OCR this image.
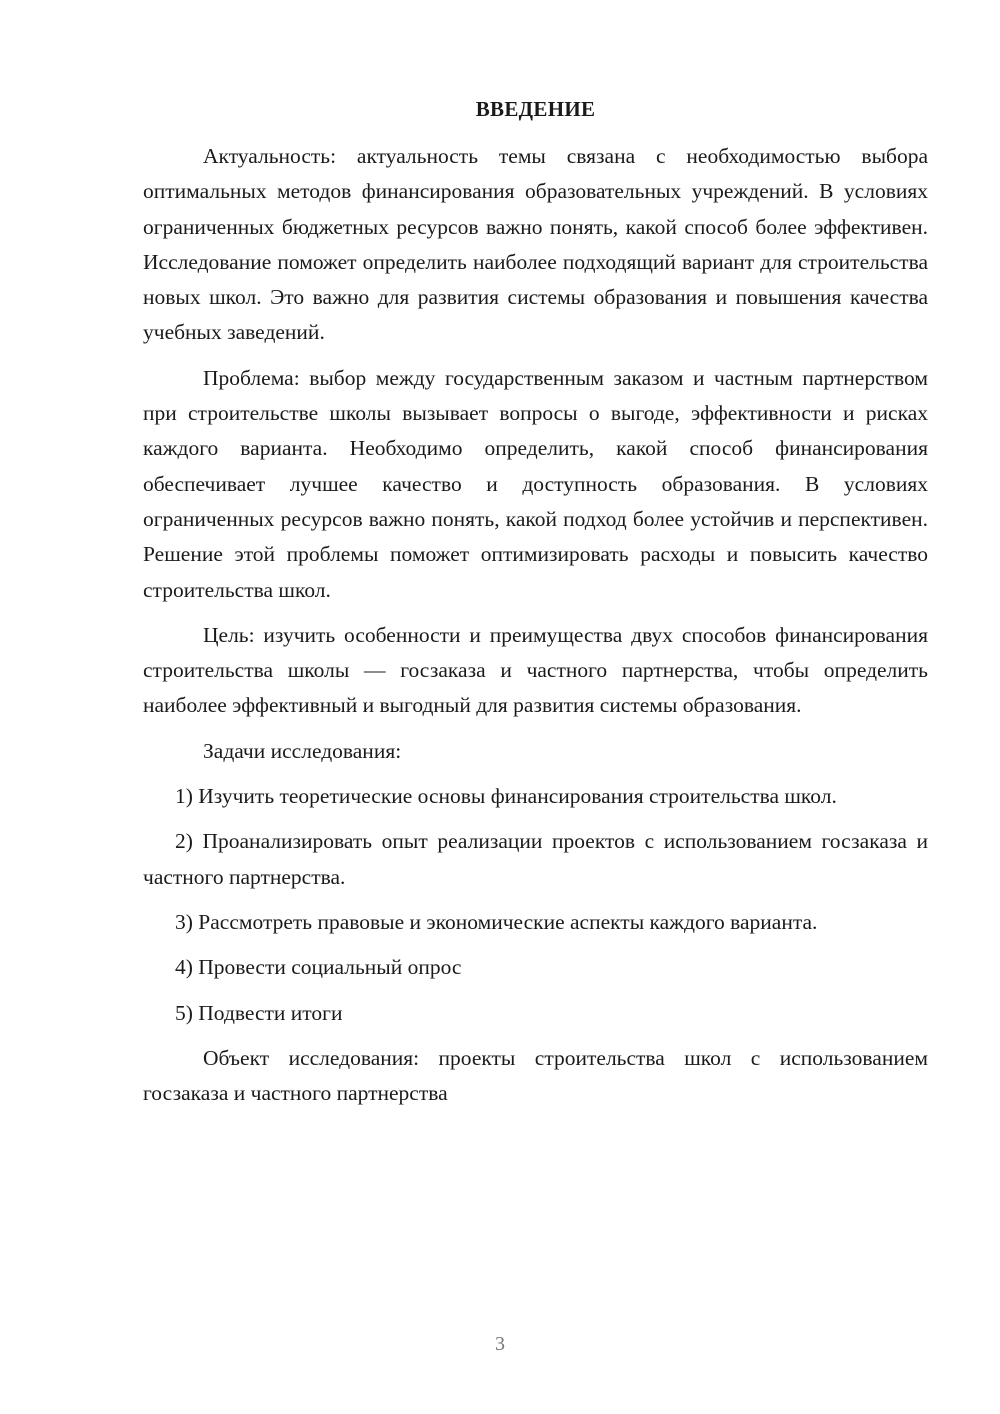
ВВЕДЕНИЕ

Актуальность: актуальность темы связана с необходимостью выбора оптимальных методов финансирования образовательных учреждений. В условиях ограниченных бюджетных ресурсов важно понять, какой способ более эффективен. Исследование поможет определить наиболее подходящий вариант для строительства новых школ. Это важно для развития системы образования и повышения качества учебных заведений.

Проблема: выбор между государственным заказом и частным партнерством при строительстве школы вызывает вопросы о выгоде, эффективности и рисках каждого варианта. Необходимо определить, какой способ финансирования обеспечивает лучшее качество и доступность образования. В условиях ограниченных ресурсов важно понять, какой подход более устойчив и перспективен. Решение этой проблемы поможет оптимизировать расходы и повысить качество строительства школ.

Цель: изучить особенности и преимущества двух способов финансирования строительства школы — госзаказа и частного партнерства, чтобы определить наиболее эффективный и выгодный для развития системы образования.

Задачи исследования:

1) Изучить теоретические основы финансирования строительства школ.

2) Проанализировать опыт реализации проектов с использованием госзаказа и частного партнерства.

3) Рассмотреть правовые и экономические аспекты каждого варианта.

4) Провести социальный опрос

5) Подвести итоги

Объект исследования: проекты строительства школ с использованием госзаказа и частного партнерства

3
